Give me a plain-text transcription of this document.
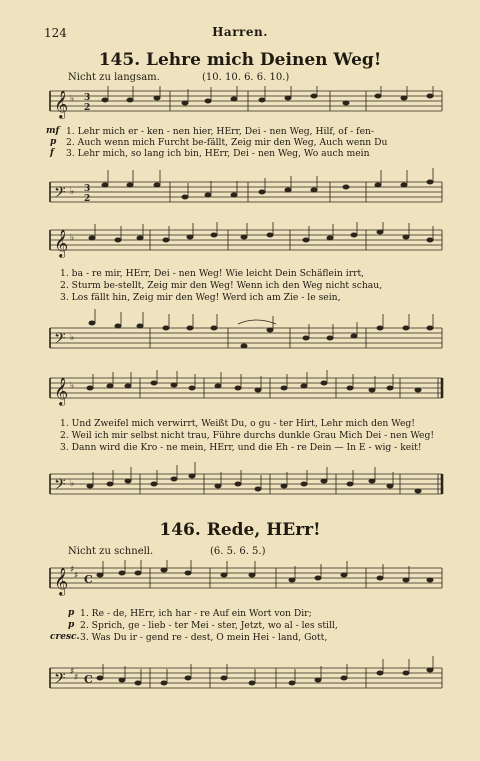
124	Harren.
145. Lehre mich Deinen Weg!
Nicht zu langsam.	(10. 10. 6. 6. 10.)
𝄞 ♭ 3
2
mf
p
f
1. Lehr mich er - ken - nen hier, HErr, Dei - nen Weg, Hilf, of - fen-
2. Auch wenn mich Furcht be-fällt, Zeig mir den Weg, Auch wenn Du
3. Lehr mich, so lang ich bin, HErr, Dei - nen Weg, Wo auch mein
𝄢 ♭ 3
2
𝄞 ♭
1. ba - re mir, HErr, Dei - nen Weg! Wie leicht Dein Schäflein irrt,
2. Sturm be-stellt, Zeig mir den Weg! Wenn ich den Weg nicht schau,
3. Los fällt hin, Zeig mir den Weg! Werd ich am Zie - le sein,
𝄢 ♭
𝄞 ♭
1. Und Zweifel mich verwirrt, Weißt Du, o gu - ter Hirt, Lehr mich den Weg!
2. Weil ich mir selbst nicht trau, Führe durchs dunkle Grau Mich Dei - nen Weg!
3. Dann wird die Kro - ne mein, HErr, und die Eh - re Dein — In E - wig - keit!
𝄢 ♭
146. Rede, HErr!
Nicht zu schnell.	(6. 5. 6. 5.)
𝄞 ♯
♯ C
p
p
cresc.
1. Re - de, HErr, ich har - re Auf ein Wort von Dir;
2. Sprich, ge - lieb - ter Mei - ster, Jetzt, wo al - les still,
3. Was Du ir - gend re - dest, O mein Hei - land, Gott,
𝄢 ♯
♯ C
